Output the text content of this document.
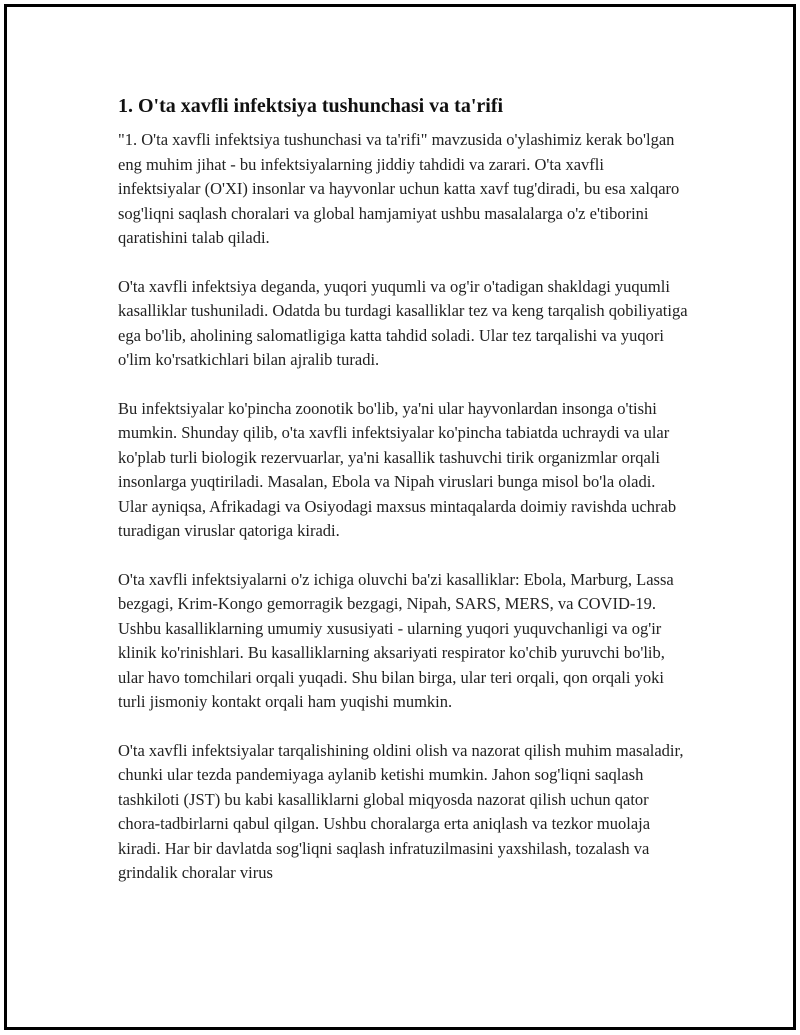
1. O'ta xavfli infektsiya tushunchasi va ta'rifi

"1. O'ta xavfli infektsiya tushunchasi va ta'rifi" mavzusida o'ylashimiz kerak bo'lgan eng muhim jihat - bu infektsiyalarning jiddiy tahdidi va zarari. O'ta xavfli infektsiyalar (O'XI) insonlar va hayvonlar uchun katta xavf tug'diradi, bu esa xalqaro sog'liqni saqlash choralari va global hamjamiyat ushbu masalalarga o'z e'tiborini qaratishini talab qiladi.

O'ta xavfli infektsiya deganda, yuqori yuqumli va og'ir o'tadigan shakldagi yuqumli kasalliklar tushuniladi. Odatda bu turdagi kasalliklar tez va keng tarqalish qobiliyatiga ega bo'lib, aholining salomatligiga katta tahdid soladi. Ular tez tarqalishi va yuqori o'lim ko'rsatkichlari bilan ajralib turadi.

Bu infektsiyalar ko'pincha zoonotik bo'lib, ya'ni ular hayvonlardan insonga o'tishi mumkin. Shunday qilib, o'ta xavfli infektsiyalar ko'pincha tabiatda uchraydi va ular ko'plab turli biologik rezervuarlar, ya'ni kasallik tashuvchi tirik organizmlar orqali insonlarga yuqtiriladi. Masalan, Ebola va Nipah viruslari bunga misol bo'la oladi. Ular ayniqsa, Afrikadagi va Osiyodagi maxsus mintaqalarda doimiy ravishda uchrab turadigan viruslar qatoriga kiradi.

O'ta xavfli infektsiyalarni o'z ichiga oluvchi ba'zi kasalliklar: Ebola, Marburg, Lassa bezgagi, Krim-Kongo gemorragik bezgagi, Nipah, SARS, MERS, va COVID-19. Ushbu kasalliklarning umumiy xususiyati - ularning yuqori yuquvchanligi va og'ir klinik ko'rinishlari. Bu kasalliklarning aksariyati respirator ko'chib yuruvchi bo'lib, ular havo tomchilari orqali yuqadi. Shu bilan birga, ular teri orqali, qon orqali yoki turli jismoniy kontakt orqali ham yuqishi mumkin.

O'ta xavfli infektsiyalar tarqalishining oldini olish va nazorat qilish muhim masaladir, chunki ular tezda pandemiyaga aylanib ketishi mumkin. Jahon sog'liqni saqlash tashkiloti (JST) bu kabi kasalliklarni global miqyosda nazorat qilish uchun qator chora-tadbirlarni qabul qilgan. Ushbu choralarga erta aniqlash va tezkor muolaja kiradi. Har bir davlatda sog'liqni saqlash infratuzilmasini yaxshilash, tozalash va grindalik choralar virus
